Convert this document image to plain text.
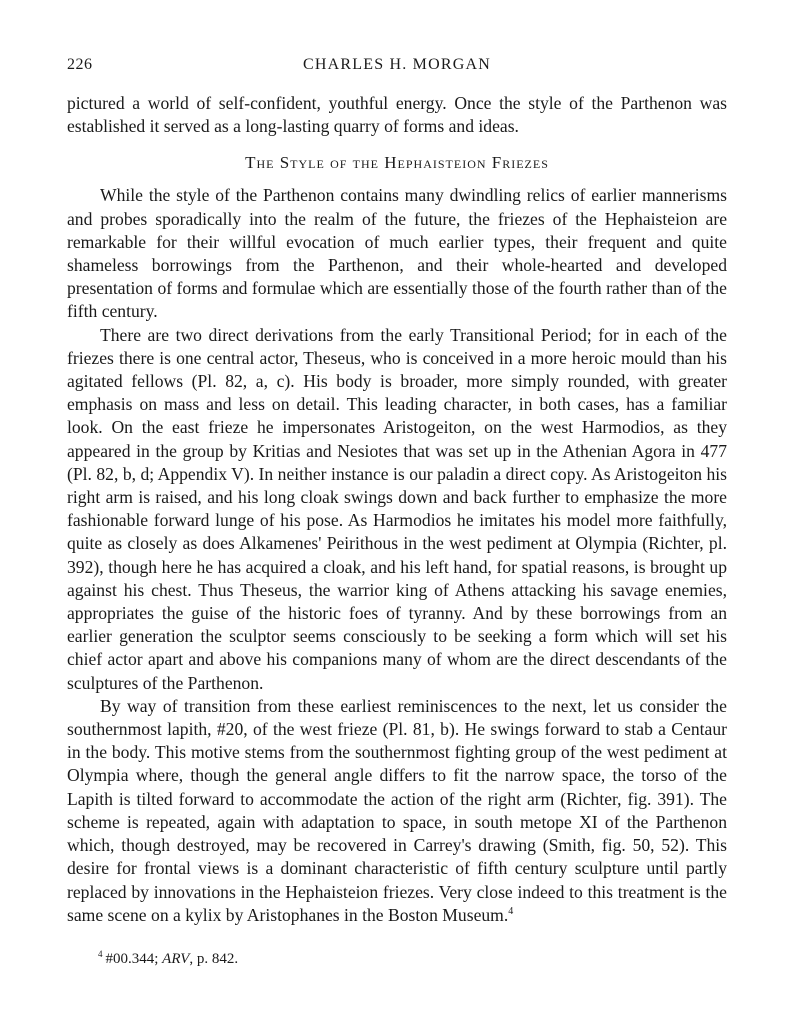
226	CHARLES H. MORGAN

pictured a world of self-confident, youthful energy. Once the style of the Parthenon was established it served as a long-lasting quarry of forms and ideas.

The Style of the Hephaisteion Friezes

While the style of the Parthenon contains many dwindling relics of earlier mannerisms and probes sporadically into the realm of the future, the friezes of the Hephaisteion are remarkable for their willful evocation of much earlier types, their frequent and quite shameless borrowings from the Parthenon, and their whole-hearted and developed presentation of forms and formulae which are essentially those of the fourth rather than of the fifth century.

There are two direct derivations from the early Transitional Period; for in each of the friezes there is one central actor, Theseus, who is conceived in a more heroic mould than his agitated fellows (Pl. 82, a, c). His body is broader, more simply rounded, with greater emphasis on mass and less on detail. This leading character, in both cases, has a familiar look. On the east frieze he impersonates Aristogeiton, on the west Harmodios, as they appeared in the group by Kritias and Nesiotes that was set up in the Athenian Agora in 477 (Pl. 82, b, d; Appendix V). In neither instance is our paladin a direct copy. As Aristogeiton his right arm is raised, and his long cloak swings down and back further to emphasize the more fashionable forward lunge of his pose. As Harmodios he imitates his model more faithfully, quite as closely as does Alkamenes' Peirithous in the west pediment at Olympia (Richter, pl. 392), though here he has acquired a cloak, and his left hand, for spatial reasons, is brought up against his chest. Thus Theseus, the warrior king of Athens attacking his savage enemies, appropriates the guise of the historic foes of tyranny. And by these borrowings from an earlier generation the sculptor seems consciously to be seeking a form which will set his chief actor apart and above his companions many of whom are the direct descendants of the sculptures of the Parthenon.

By way of transition from these earliest reminiscences to the next, let us consider the southernmost lapith, #20, of the west frieze (Pl. 81, b). He swings forward to stab a Centaur in the body. This motive stems from the southernmost fighting group of the west pediment at Olympia where, though the general angle differs to fit the narrow space, the torso of the Lapith is tilted forward to accommodate the action of the right arm (Richter, fig. 391). The scheme is repeated, again with adaptation to space, in south metope XI of the Parthenon which, though destroyed, may be recovered in Carrey's drawing (Smith, fig. 50, 52). This desire for frontal views is a dominant characteristic of fifth century sculpture until partly replaced by innovations in the Hephaisteion friezes. Very close indeed to this treatment is the same scene on a kylix by Aristophanes in the Boston Museum.$^4$

$^4$ #00.344; ARV, p. 842.
